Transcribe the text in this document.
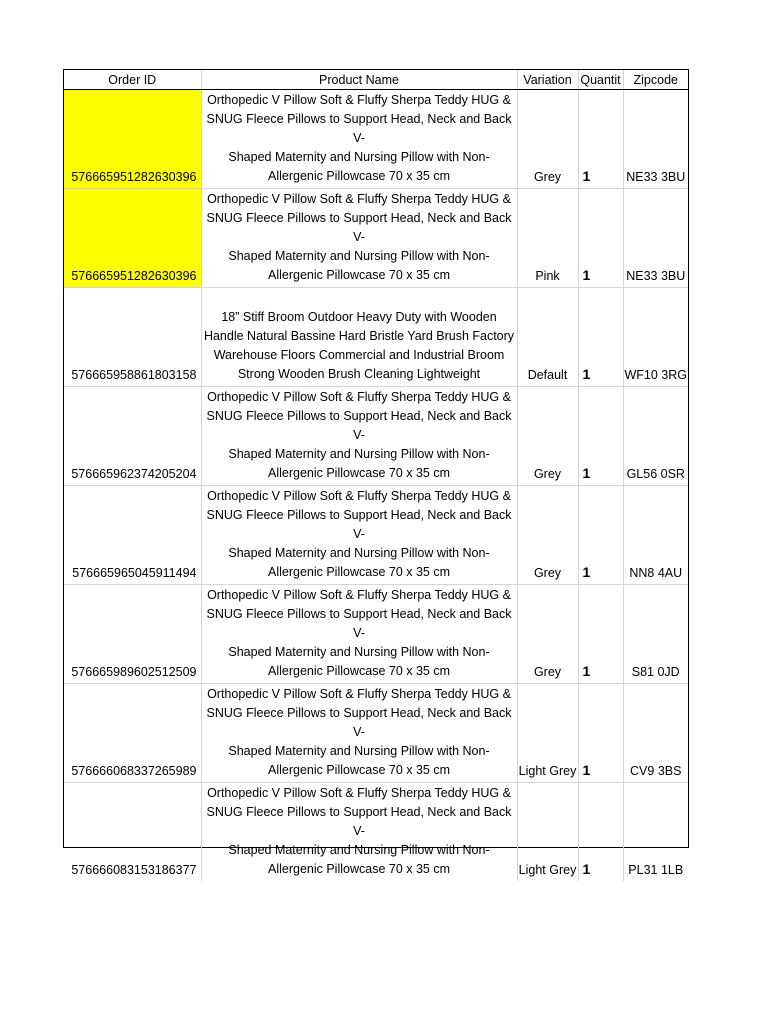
Order ID	Product Name	Variation	Quantit	Zipcode
576665951282630396	Orthopedic V Pillow Soft & Fluffy Sherpa Teddy HUG &
SNUG Fleece Pillows to Support Head, Neck and Back V-
Shaped Maternity and Nursing Pillow with Non-
Allergenic Pillowcase 70 x 35 cm	Grey	1	NE33 3BU
576665951282630396	Orthopedic V Pillow Soft & Fluffy Sherpa Teddy HUG &
SNUG Fleece Pillows to Support Head, Neck and Back V-
Shaped Maternity and Nursing Pillow with Non-
Allergenic Pillowcase 70 x 35 cm	Pink	1	NE33 3BU
576665958861803158	18” Stiff Broom Outdoor Heavy Duty with Wooden
Handle Natural Bassine Hard Bristle Yard Brush Factory
Warehouse Floors Commercial and Industrial Broom
Strong Wooden Brush Cleaning Lightweight	Default	1	WF10 3RG
576665962374205204	Orthopedic V Pillow Soft & Fluffy Sherpa Teddy HUG &
SNUG Fleece Pillows to Support Head, Neck and Back V-
Shaped Maternity and Nursing Pillow with Non-
Allergenic Pillowcase 70 x 35 cm	Grey	1	GL56 0SR
576665965045911494	Orthopedic V Pillow Soft & Fluffy Sherpa Teddy HUG &
SNUG Fleece Pillows to Support Head, Neck and Back V-
Shaped Maternity and Nursing Pillow with Non-
Allergenic Pillowcase 70 x 35 cm	Grey	1	NN8 4AU
576665989602512509	Orthopedic V Pillow Soft & Fluffy Sherpa Teddy HUG &
SNUG Fleece Pillows to Support Head, Neck and Back V-
Shaped Maternity and Nursing Pillow with Non-
Allergenic Pillowcase 70 x 35 cm	Grey	1	S81 0JD
576666068337265989	Orthopedic V Pillow Soft & Fluffy Sherpa Teddy HUG &
SNUG Fleece Pillows to Support Head, Neck and Back V-
Shaped Maternity and Nursing Pillow with Non-
Allergenic Pillowcase 70 x 35 cm	Light Grey	1	CV9 3BS
576666083153186377	Orthopedic V Pillow Soft & Fluffy Sherpa Teddy HUG &
SNUG Fleece Pillows to Support Head, Neck and Back V-
Shaped Maternity and Nursing Pillow with Non-
Allergenic Pillowcase 70 x 35 cm	Light Grey	1	PL31 1LB
